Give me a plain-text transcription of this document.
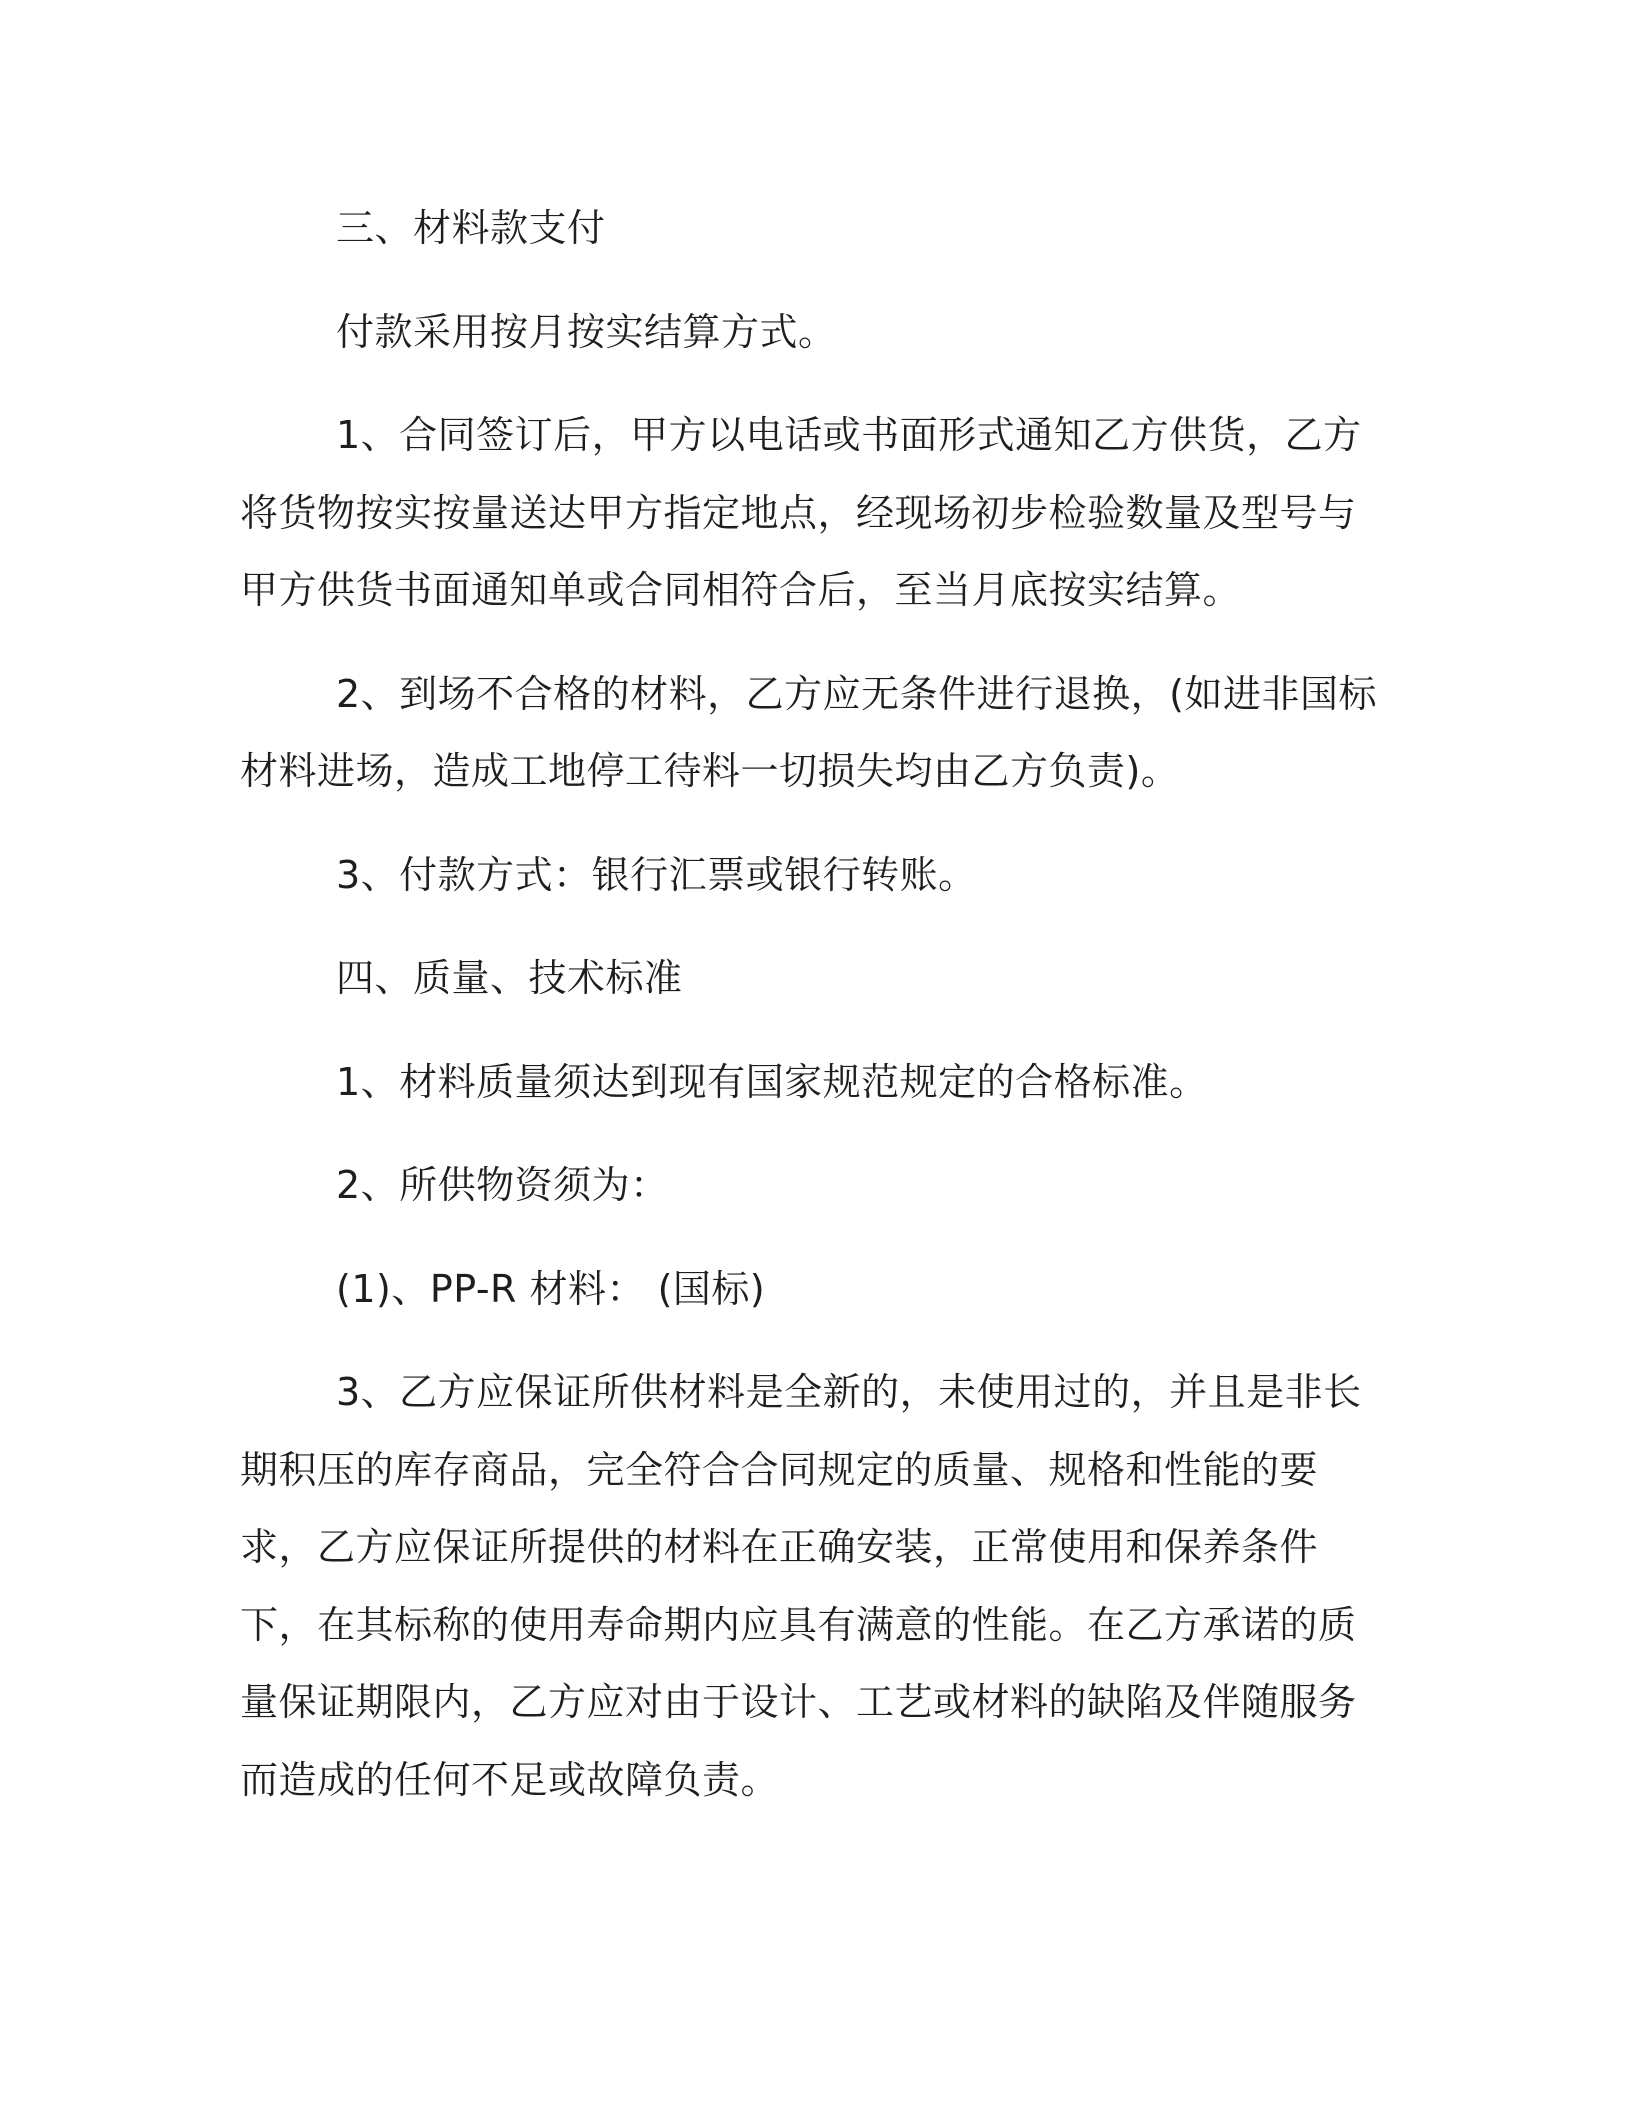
三、材料款支付

付款采用按月按实结算方式。

1、合同签订后，甲方以电话或书面形式通知乙方供货，乙方将货物按实按量送达甲方指定地点，经现场初步检验数量及型号与甲方供货书面通知单或合同相符合后，至当月底按实结算。

2、到场不合格的材料，乙方应无条件进行退换，(如进非国标材料进场，造成工地停工待料一切损失均由乙方负责)。

3、付款方式：银行汇票或银行转账。

四、质量、技术标准

1、材料质量须达到现有国家规范规定的合格标准。

2、所供物资须为：

(1)、PP-R 材料： (国标)

3、乙方应保证所供材料是全新的，未使用过的，并且是非长期积压的库存商品，完全符合合同规定的质量、规格和性能的要求，乙方应保证所提供的材料在正确安装，正常使用和保养条件下，在其标称的使用寿命期内应具有满意的性能。在乙方承诺的质量保证期限内，乙方应对由于设计、工艺或材料的缺陷及伴随服务而造成的任何不足或故障负责。
